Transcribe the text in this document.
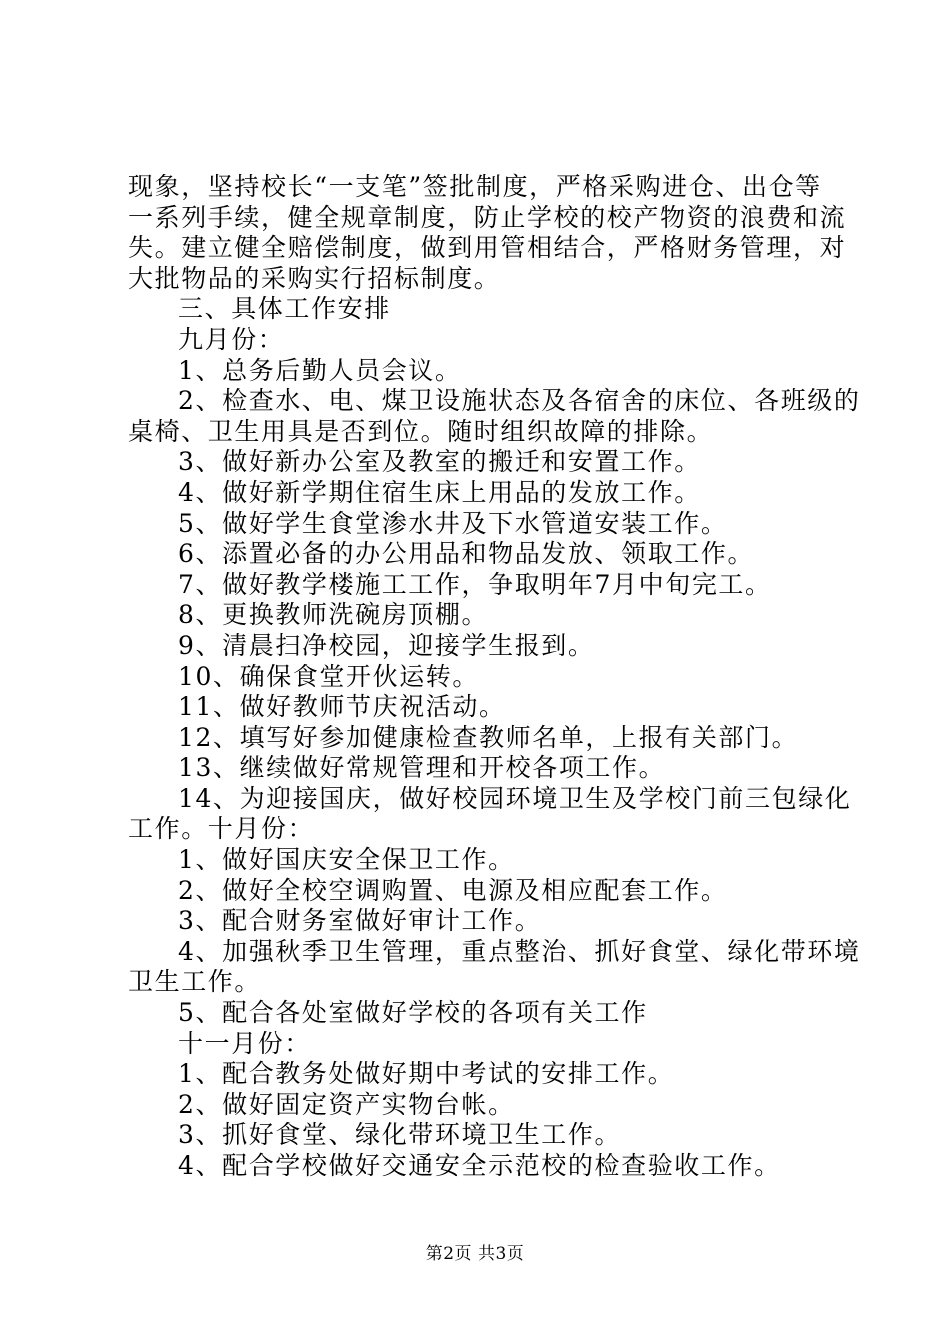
现象，坚持校长“一支笔”签批制度，严格采购进仓、出仓等
一系列手续，健全规章制度，防止学校的校产物资的浪费和流
失。建立健全赔偿制度，做到用管相结合，严格财务管理，对
大批物品的采购实行招标制度。
三、具体工作安排
九月份：
1、总务后勤人员会议。
2、检查水、电、煤卫设施状态及各宿舍的床位、各班级的
桌椅、卫生用具是否到位。随时组织故障的排除。
3、做好新办公室及教室的搬迁和安置工作。
4、做好新学期住宿生床上用品的发放工作。
5、做好学生食堂渗水井及下水管道安装工作。
6、添置必备的办公用品和物品发放、领取工作。
7、做好教学楼施工工作，争取明年7月中旬完工。
8、更换教师洗碗房顶棚。
9、清晨扫净校园，迎接学生报到。
10、确保食堂开伙运转。
11、做好教师节庆祝活动。
12、填写好参加健康检查教师名单，上报有关部门。
13、继续做好常规管理和开校各项工作。
14、为迎接国庆，做好校园环境卫生及学校门前三包绿化
工作。十月份：
1、做好国庆安全保卫工作。
2、做好全校空调购置、电源及相应配套工作。
3、配合财务室做好审计工作。
4、加强秋季卫生管理，重点整治、抓好食堂、绿化带环境
卫生工作。
5、配合各处室做好学校的各项有关工作
十一月份：
1、配合教务处做好期中考试的安排工作。
2、做好固定资产实物台帐。
3、抓好食堂、绿化带环境卫生工作。
4、配合学校做好交通安全示范校的检查验收工作。
第2页 共3页
